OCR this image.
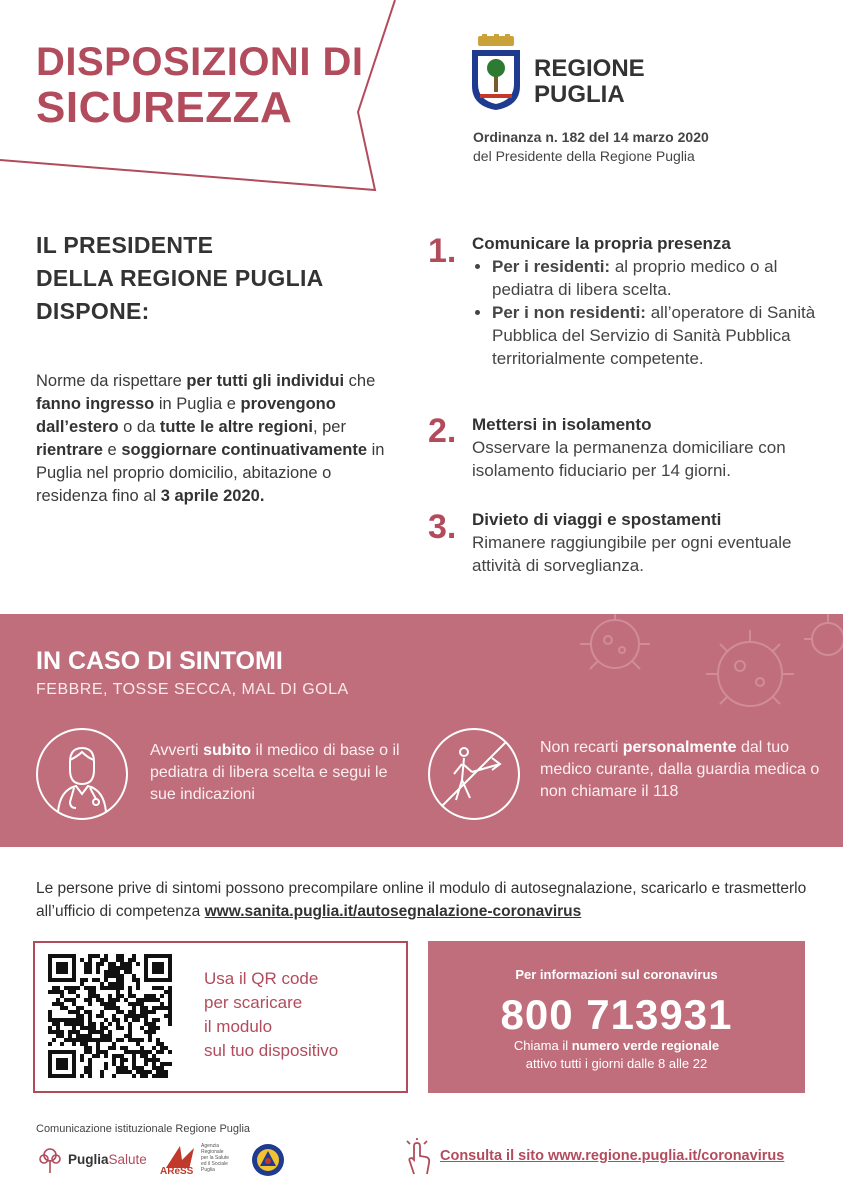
DISPOSIZIONI DI
SICUREZZA
REGIONE
PUGLIA
Ordinanza n. 182 del 14 marzo 2020
del Presidente della Regione Puglia
IL PRESIDENTE
DELLA REGIONE PUGLIA
DISPONE:
Norme da rispettare per tutti gli individui che fanno ingresso in Puglia e provengono dall’estero o da tutte le altre regioni, per rientrare e soggiornare continuativamente in Puglia nel proprio domicilio, abitazione o residenza fino al 3 aprile 2020.
1. Comunicare la propria presenza
• Per i residenti: al proprio medico o al pediatra di libera scelta.
• Per i non residenti: all’operatore di Sanità Pubblica del Servizio di Sanità Pubblica territorialmente competente.
2. Mettersi in isolamento
Osservare la permanenza domiciliare con isolamento fiduciario per 14 giorni.
3. Divieto di viaggi e spostamenti
Rimanere raggiungibile per ogni eventuale attività di sorveglianza.
IN CASO DI SINTOMI
FEBBRE, TOSSE SECCA, MAL DI GOLA
Avverti subito il medico di base o il pediatra di libera scelta e segui le sue indicazioni
Non recarti personalmente dal tuo medico curante, dalla guardia medica o non chiamare il 118
Le persone prive di sintomi possono precompilare online il modulo di autosegnalazione, scaricarlo e trasmetterlo all’ufficio di competenza www.sanita.puglia.it/autosegnalazione-coronavirus
Usa il QR code
per scaricare
il modulo
sul tuo dispositivo
Per informazioni sul coronavirus
800 713931
Chiama il numero verde regionale
attivo tutti i giorni dalle 8 alle 22
Comunicazione istituzionale Regione Puglia
PugliaSalute
AReSS
Agenzia
Regionale
per la Salute
ed il Sociale
Puglia
Consulta il sito www.regione.puglia.it/coronavirus
